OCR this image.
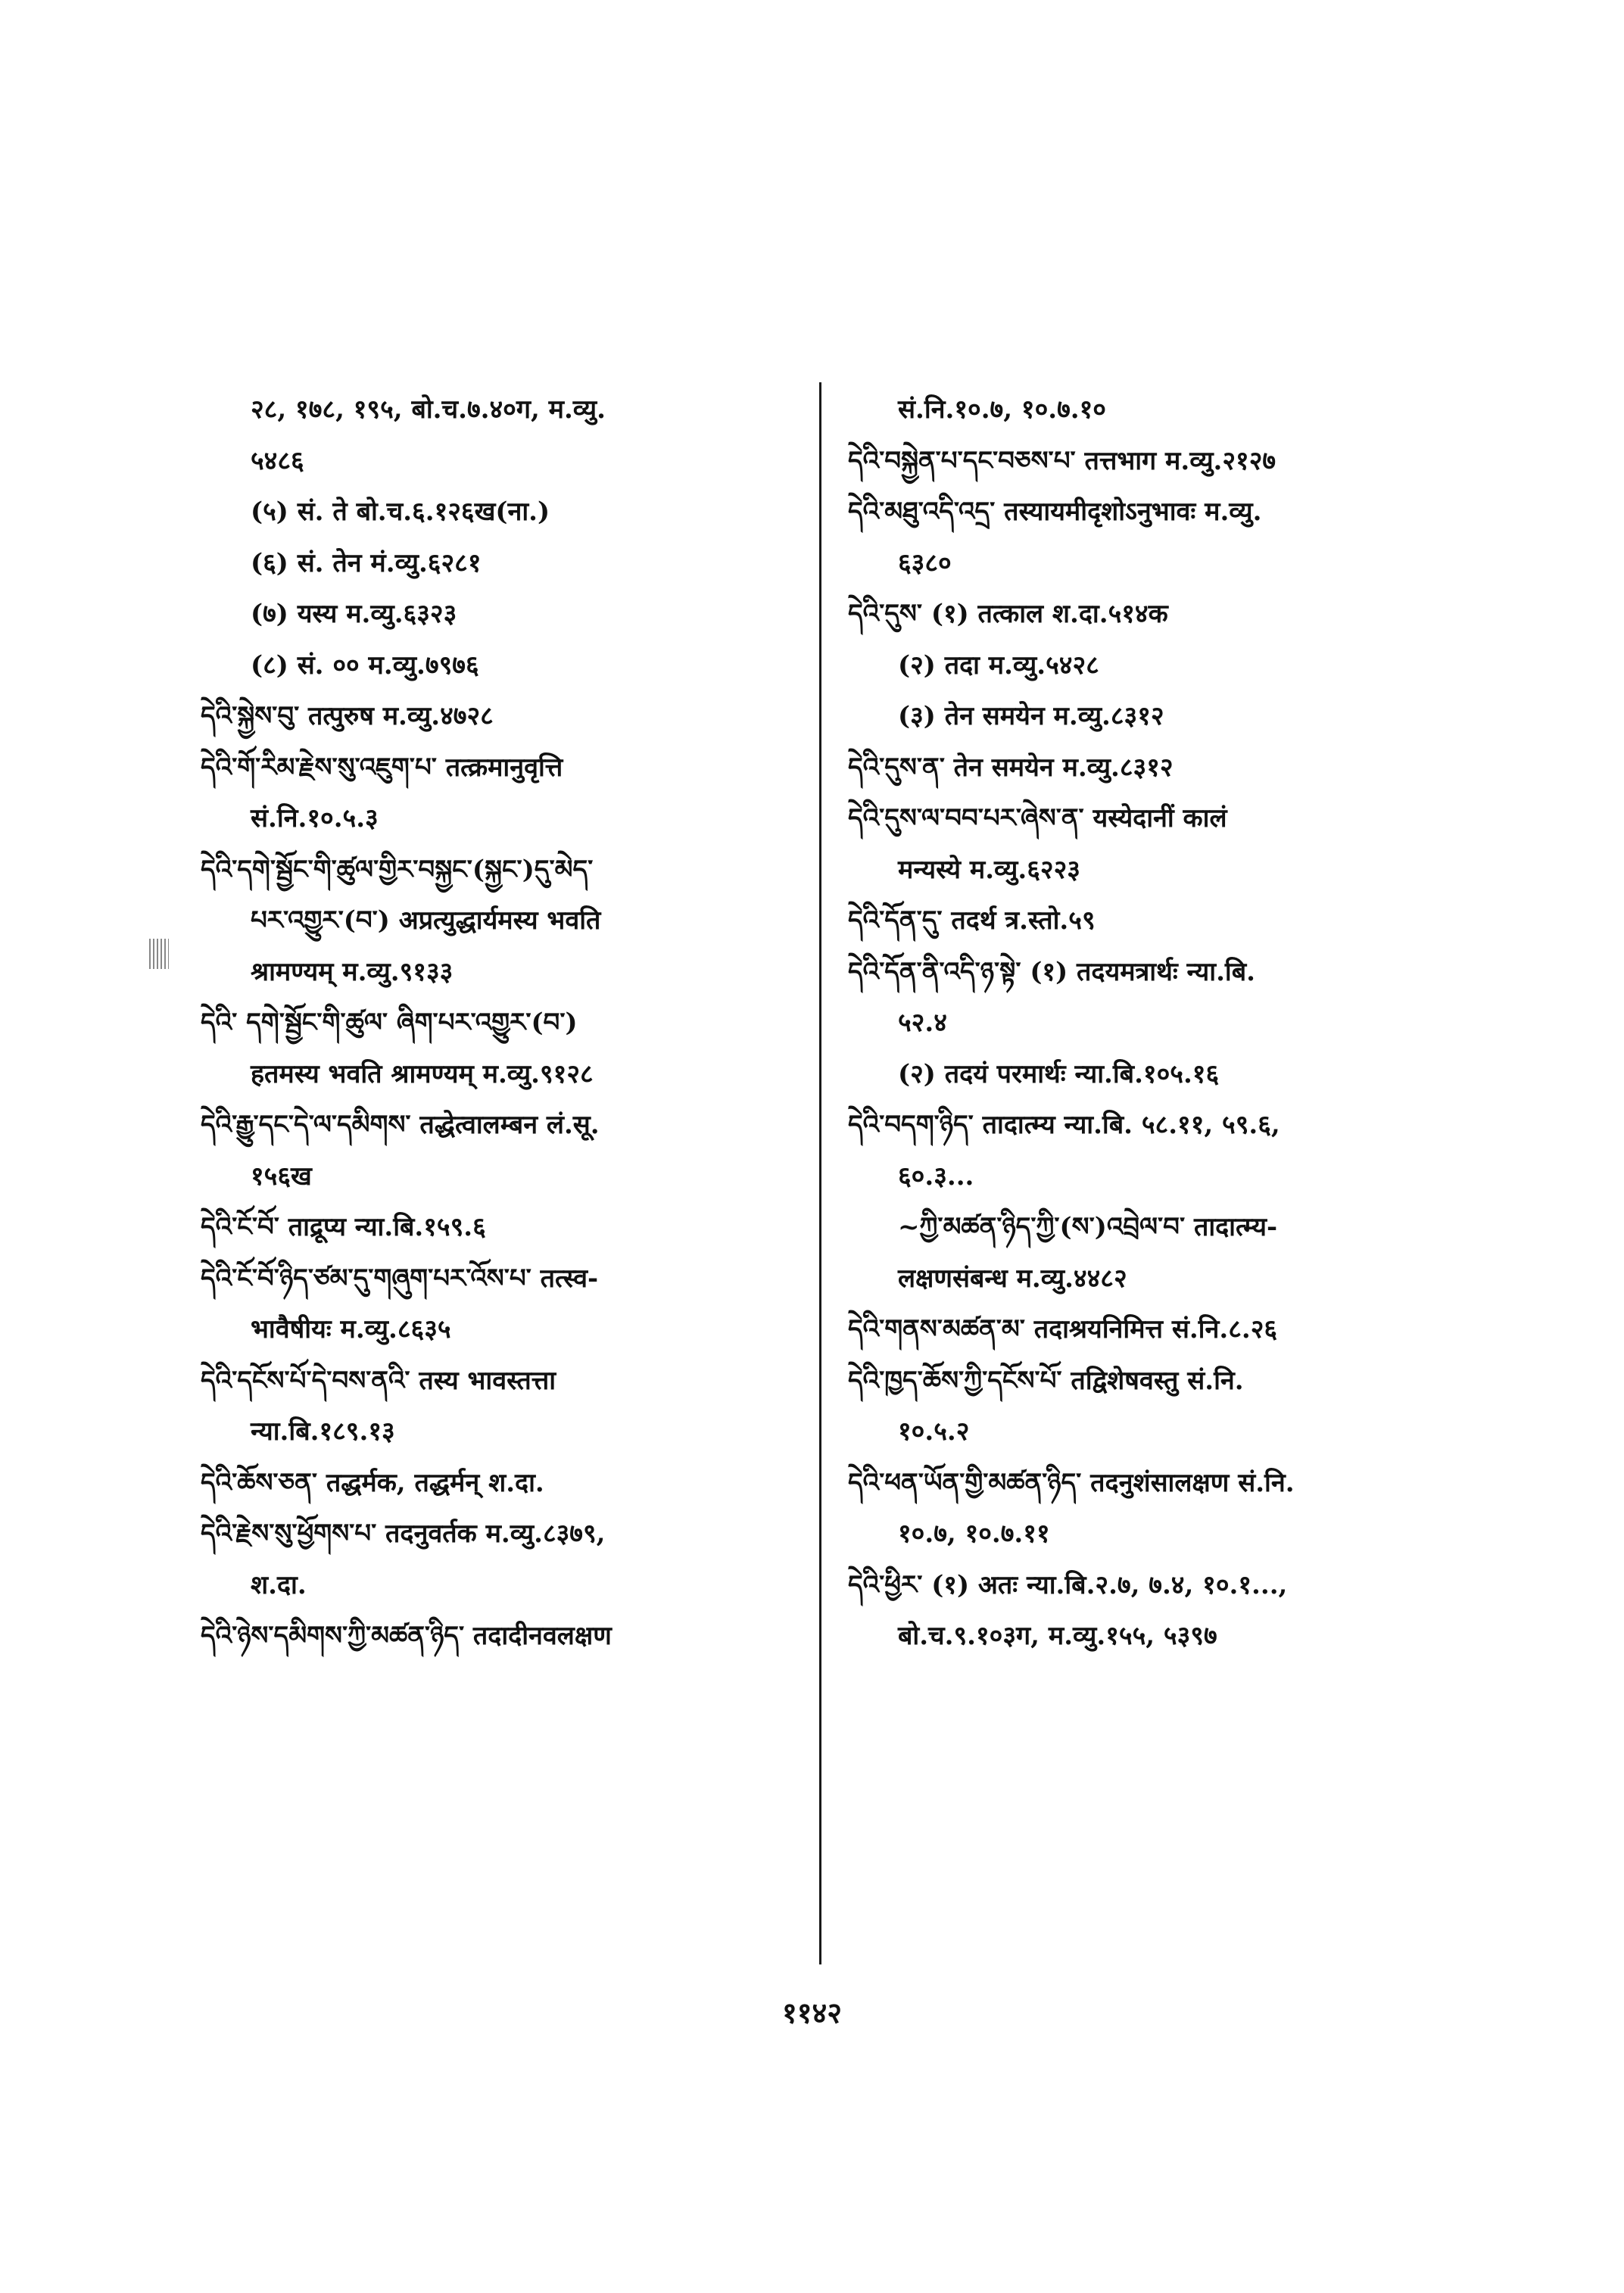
२८, १७८, १९५, बो.च.७.४०ग, म.व्यु.
५४८६
(५) सं. ते बो.च.६.१२६ख(ना.)
(६) सं. तेन मं.व्यु.६२८१
(७) यस्य म.व्यु.६३२३
(८) सं. ०० म.व्यु.७९७६
དེའི་སྐྱེས་བུ་ तत्पुरुष म.व्यु.४७२८
དེའི་གོ་རིམ་རྗེས་སུ་འཇུག་པ་ तत्क्रमानुवृत्ति
सं.नि.१०.५.३
དེའི་དགེ་སྦྱོང་གི་ཚུལ་གྱིར་བསྐྱང་(སྐྱང་)དུ་མེད་
པར་འགྱུར་(བ་) अप्रत्युद्धार्यमस्य भवति
श्रामण्यम् म.व्यु.९१३३
དེའི་ དགེ་སྦྱོང་གི་ཚུལ་ ཞིག་པར་འགྱུར་(བ་)
हतमस्य भवति श्रामण्यम् म.व्यु.९१२८
དེའི་རྒྱུ་དང་དེ་ལ་དམིགས་ तद्धेत्वालम्बन लं.सू.
१५६ख
དེའི་ངོ་བོ་ ताद्रूप्य न्या.बि.१५९.६
དེའི་ངོ་བོ་ཉིད་ཙམ་དུ་གཞུག་པར་འོས་པ་ तत्स्व-
भावैषीयः म.व्यु.८६३५
དེའི་དངོས་པོ་དེ་བས་ནའི་ तस्य भावस्तत्ता
न्या.बि.१८९.१३
དེའི་ཆོས་ཅན་ तद्धर्मक, तद्धर्मन् श.दा.
དེའི་རྗེས་སུ་ཕྱོགས་པ་ तदनुवर्तक म.व्यु.८३७९,
श.दा.
དེའི་ཉེས་དམིགས་ཀྱི་མཚན་ཉིད་ तदादीनवलक्षण
सं.नि.१०.७, १०.७.१०
དེའི་བསྐྱེན་པ་དང་བཅས་པ་ तत्तभाग म.व्यु.२१२७
དེའི་མཐུ་འདི་འདྲ་ तस्यायमीदृशोऽनुभावः म.व्यु.
६३८०
དེའི་དུས་ (१) तत्काल श.दा.५१४क
(२) तदा म.व्यु.५४२८
(३) तेन समयेन म.व्यु.८३१२
དེའི་དུས་ན་ तेन समयेन म.व्यु.८३१२
དེའི་དུས་ལ་བབ་པར་ཞེས་ན་ यस्येदानीं कालं
मन्यस्ये म.व्यु.६२२३
དེའི་དོན་དུ་ तदर्थ त्र.स्तो.५९
དེའི་དོན་ནི་འདི་ཉ་སྟེ་ (१) तदयमत्रार्थः न्या.बि.
५२.४
(२) तदयं परमार्थः न्या.बि.१०५.१६
དེའི་བདག་ཉིད་ तादात्म्य न्या.बि. ५८.११, ५९.६,
६०.३...
~ཀྱི་མཚན་ཉིད་ཀྱི་(ས་)འབྲེལ་བ་ तादात्म्य-
लक्षणसंबन्ध म.व्यु.४४८२
དེའི་གནས་མཚན་མ་ तदाश्रयनिमित्त सं.नि.८.२६
དེའི་ཁྱད་ཆོས་ཀྱི་དངོས་པོ་ तद्विशेषवस्तु सं.नि.
१०.५.२
དེའི་ཕན་ཡོན་གྱི་མཚན་ཉིད་ तदनुशंसालक्षण सं.नि.
१०.७, १०.७.११
དེའི་ཕྱིར་ (१) अतः न्या.बि.२.७, ७.४, १०.१...,
बो.च.९.१०३ग, म.व्यु.१५५, ५३९७
११४२
